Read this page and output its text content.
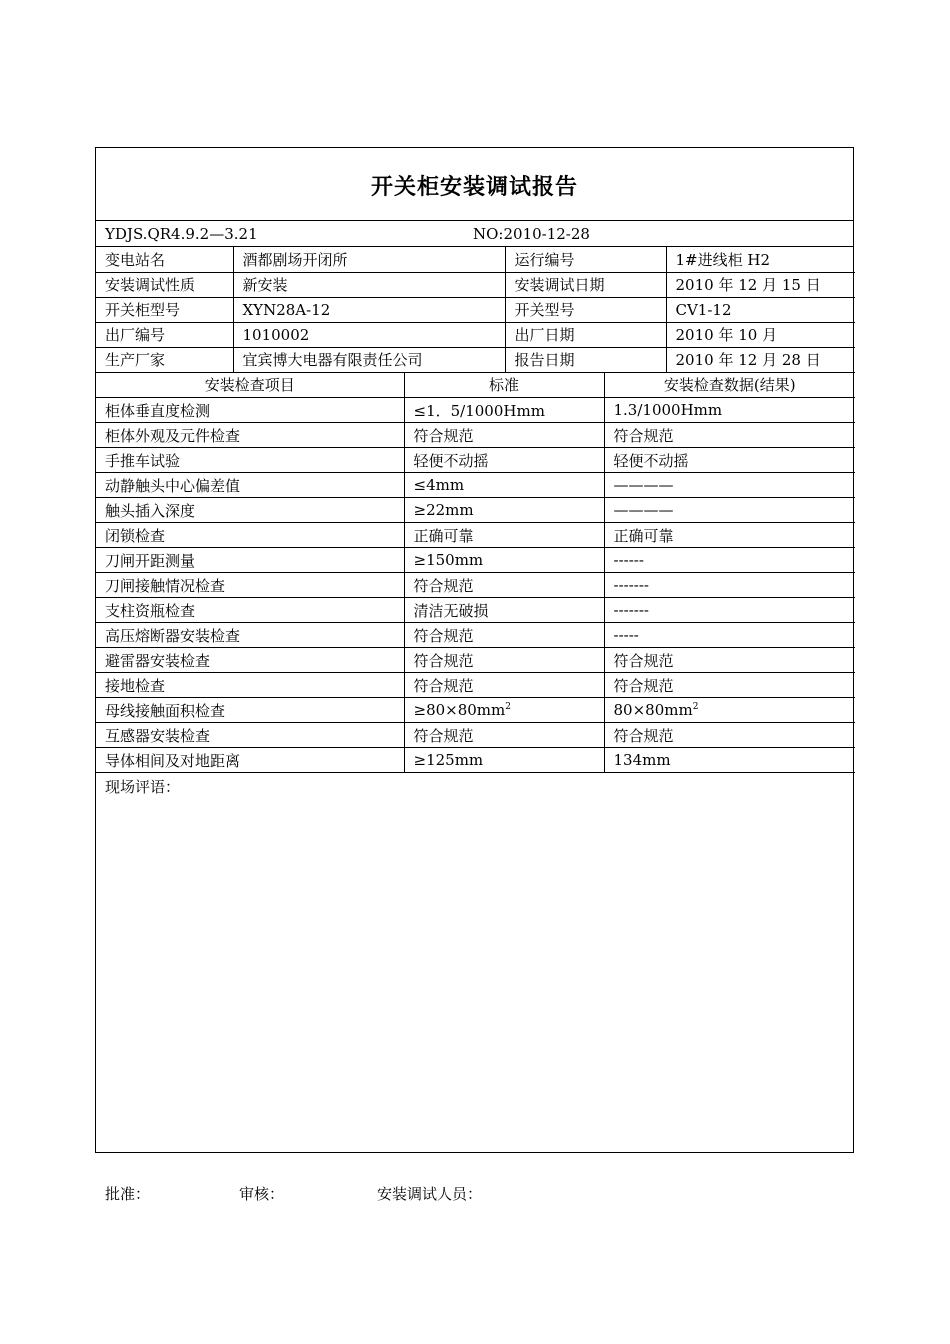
开关柜安装调试报告
YDJS.QR4.9.2—3.21	NO:2010-12-28
变电站名	酒都剧场开闭所	运行编号	1#进线柜 H2
安装调试性质	新安装	安装调试日期	2010 年 12 月 15 日
开关柜型号	XYN28A-12	开关型号	CV1-12
出厂编号	1010002	出厂日期	2010 年 10 月
生产厂家	宜宾博大电器有限责任公司	报告日期	2010 年 12 月 28 日
安装检查项目	标准	安装检查数据(结果)
柜体垂直度检测	≤1．5/1000Hmm	1.3/1000Hmm
柜体外观及元件检查	符合规范	符合规范
手推车试验	轻便不动摇	轻便不动摇
动静触头中心偏差值	≤4mm	————
触头插入深度	≥22mm	————
闭锁检查	正确可靠	正确可靠
刀闸开距测量	≥150mm	------
刀闸接触情况检查	符合规范	-------
支柱资瓶检查	清洁无破损	-------
高压熔断器安装检查	符合规范	-----
避雷器安装检查	符合规范	符合规范
接地检查	符合规范	符合规范
母线接触面积检查	$\ge 80\times 80mm^2$	$80\times 80mm^2$
互感器安装检查	符合规范	符合规范
导体相间及对地距离	≥125mm	134mm
现场评语：
批准：	审核：	安装调试人员：
